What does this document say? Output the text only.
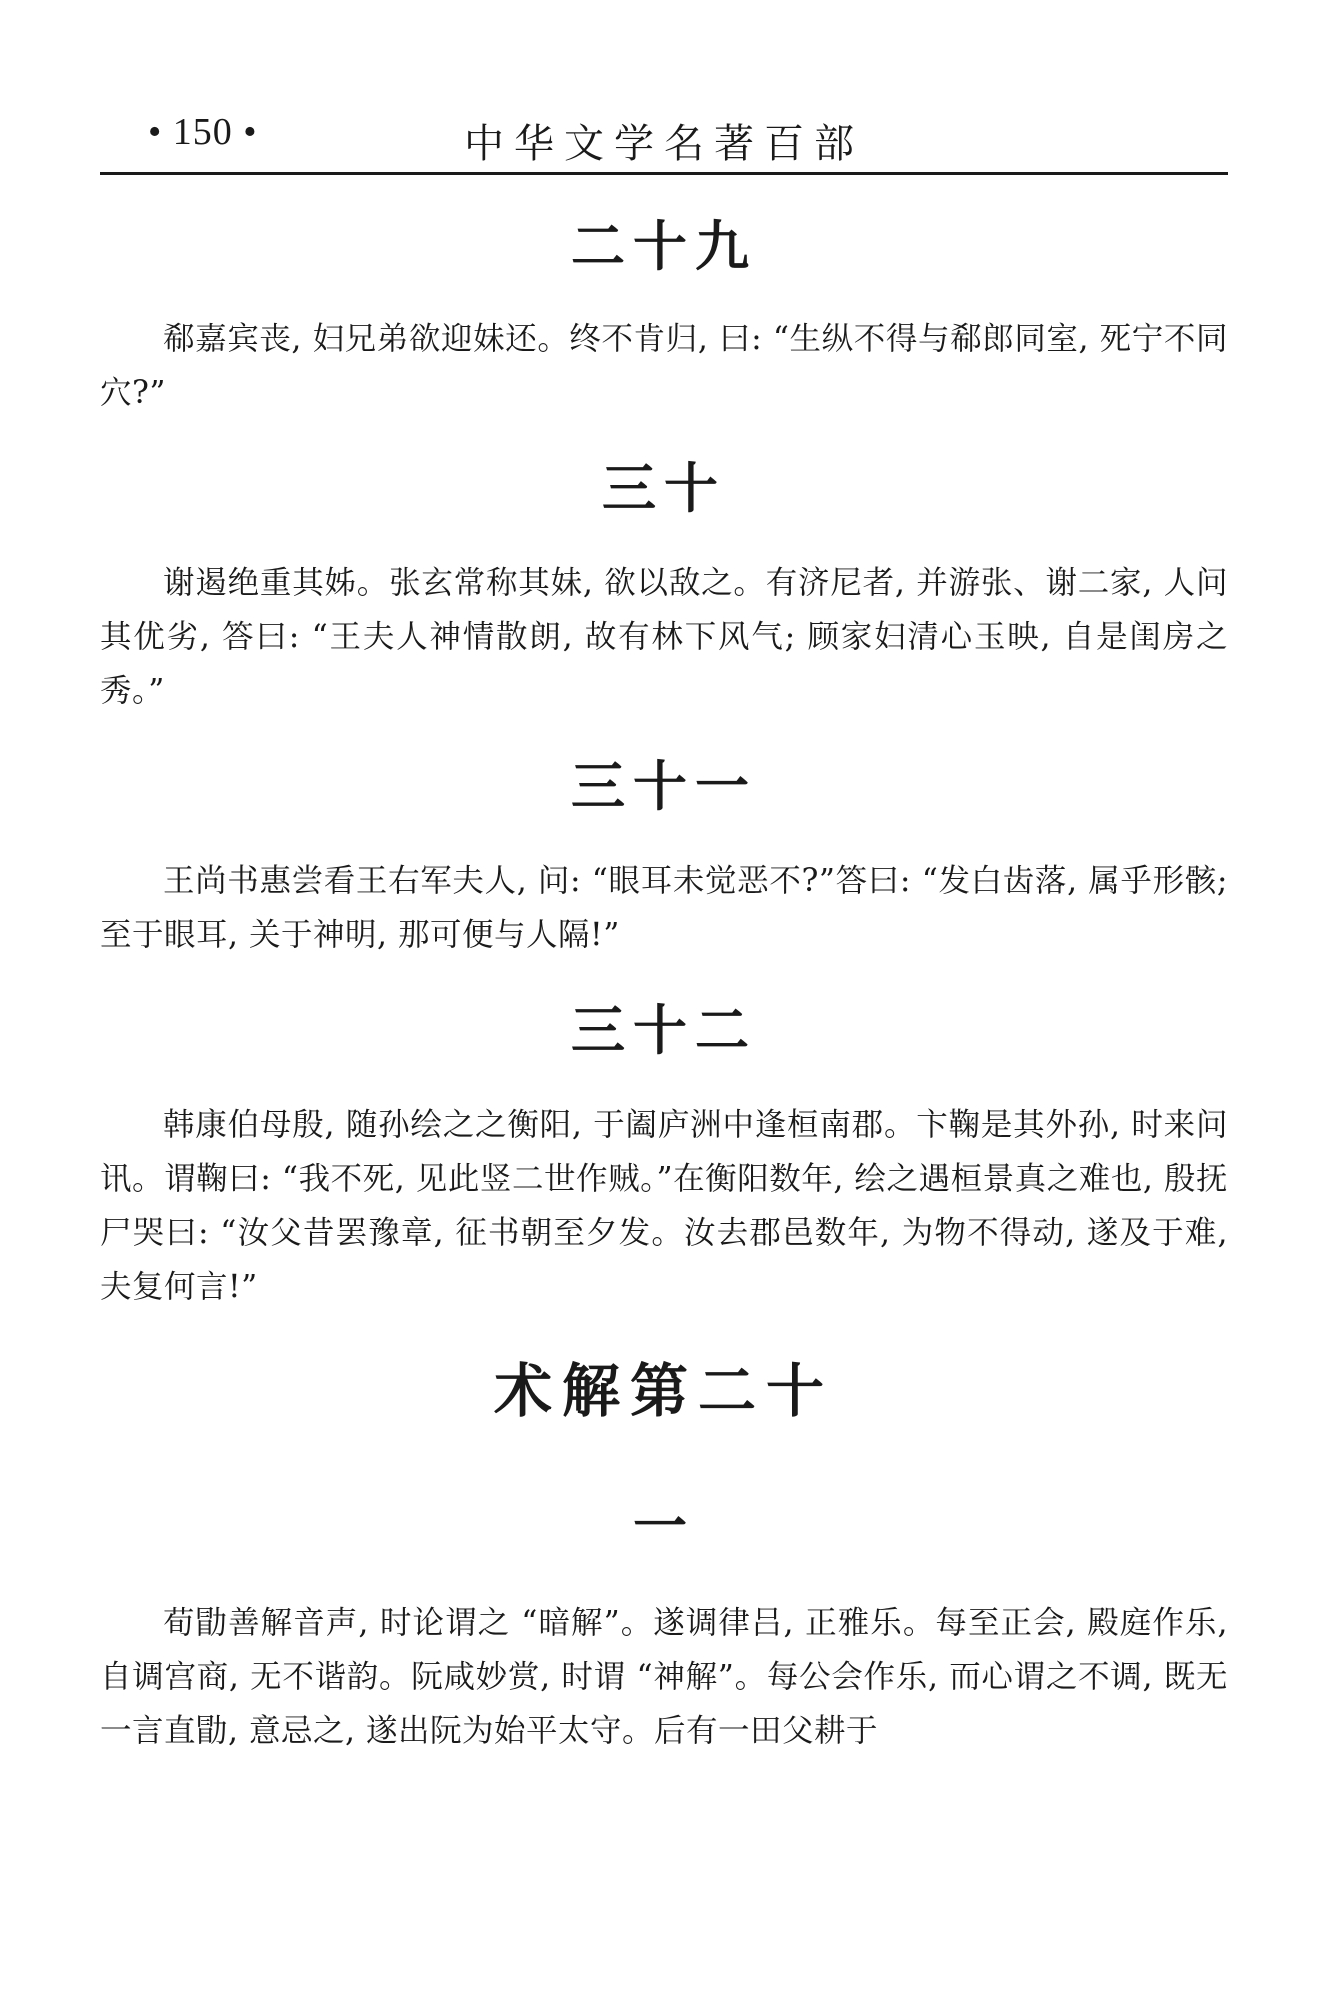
• 150 •	中华文学名著百部
二十九

郗嘉宾丧, 妇兄弟欲迎妹还。终不肯归, 曰: “生纵不得与郗郎同室, 死宁不同穴?”

三十

谢遏绝重其姊。张玄常称其妹, 欲以敌之。有济尼者, 并游张、谢二家, 人问其优劣, 答曰: “王夫人神情散朗, 故有林下风气; 顾家妇清心玉映, 自是闺房之秀。”

三十一

王尚书惠尝看王右军夫人, 问: “眼耳未觉恶不?”答曰: “发白齿落, 属乎形骸; 至于眼耳, 关于神明, 那可便与人隔!”

三十二

韩康伯母殷, 随孙绘之之衡阳, 于阖庐洲中逢桓南郡。卞鞠是其外孙, 时来问讯。谓鞠曰: “我不死, 见此竖二世作贼。”在衡阳数年, 绘之遇桓景真之难也, 殷抚尸哭曰: “汝父昔罢豫章, 征书朝至夕发。汝去郡邑数年, 为物不得动, 遂及于难, 夫复何言!”

术解第二十
一

荀勖善解音声, 时论谓之 “暗解”。遂调律吕, 正雅乐。每至正会, 殿庭作乐, 自调宫商, 无不谐韵。阮咸妙赏, 时谓 “神解”。每公会作乐, 而心谓之不调, 既无一言直勖, 意忌之, 遂出阮为始平太守。后有一田父耕于
